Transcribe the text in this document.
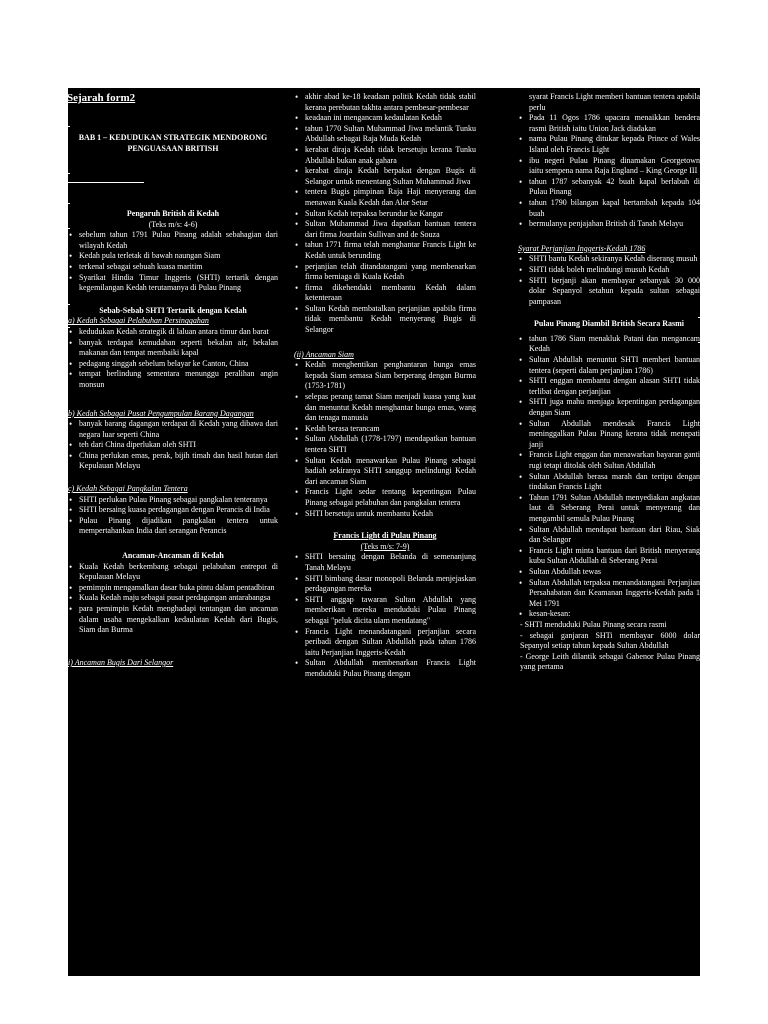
Sejarah form2
BAB 1 – KEDUDUKAN STRATEGIK MENDORONG PENGUASAAN BRITISH
Pengaruh British di Kedah
(Teks m/s: 4-6)
• sebelum tahun 1791 Pulau Pinang adalah sebahagian dari wilayah Kedah
• Kedah pula terletak di bawah naungan Siam
• terkenal sebagai sebuah kuasa maritim
• Syarikat Hindia Timur Inggeris (SHTI) tertarik dengan kegemilangan Kedah terutamanya di Pulau Pinang
Sebab-Sebab SHTI Tertarik dengan Kedah
a) Kedah Sebagai Pelabuhan Persinggahan
• kedudukan Kedah strategik di laluan antara timur dan barat
• banyak terdapat kemudahan seperti bekalan air, bekalan makanan dan tempat membaiki kapal
• pedagang singgah sebelum belayar ke Canton, China
• tempat berlindung sementara menunggu peralihan angin monsun
b) Kedah Sebagai Pusat Pengumpulan Barang Dagangan
• banyak barang dagangan terdapat di Kedah yang dibawa dari negara luar seperti China
• teh dari China diperlukan oleh SHTI
• China perlukan emas, perak, bijih timah dan hasil hutan dari Kepulauan Melayu
c) Kedah Sebagai Pangkalan Tentera
• SHTI perlukan Pulau Pinang sebagai pangkalan tenteranya
• SHTI bersaing kuasa perdagangan dengan Perancis di India
• Pulau Pinang dijadikan pangkalan tentera untuk mempertahankan India dari serangan Perancis
Ancaman-Ancaman di Kedah
• Kuala Kedah berkembang sebagai pelabuhan entrepot di Kepulauan Melayu
• pemimpin mengamalkan dasar buka pintu dalam pentadbiran
• Kuala Kedah maju sebagai pusat perdagangan antarabangsa
• para pemimpin Kedah menghadapi tentangan dan ancaman dalam usaha mengekalkan kedaulatan Kedah dari Bugis, Siam dan Burma
i) Ancaman Bugis Dari Selangor
• akhir abad ke-18 keadaan politik Kedah tidak stabil kerana perebutan takhta antara pembesar-pembesar
• keadaan ini mengancam kedaulatan Kedah
• tahun 1770 Sultan Muhammad Jiwa melantik Tunku Abdullah sebagai Raja Muda Kedah
• kerabat diraja Kedah tidak bersetuju kerana Tunku Abdullah bukan anak gahara
• kerabat diraja Kedah berpakat dengan Bugis di Selangor untuk menentang Sultan Muhammad Jiwa
• tentera Bugis pimpinan Raja Haji menyerang dan menawan Kuala Kedah dan Alor Setar
• Sultan Kedah terpaksa berundur ke Kangar
• Sultan Muhammad Jiwa dapatkan bantuan tentera dari firma Jourdain Sullivan and de Souza
• tahun 1771 firma telah menghantar Francis Light ke Kedah untuk berunding
• perjanjian telah ditandatangani yang membenarkan firma berniaga di Kuala Kedah
• firma dikehendaki membantu Kedah dalam ketenteraan
• Sultan Kedah membatalkan perjanjian apabila firma tidak membantu Kedah menyerang Bugis di Selangor
(ii) Ancaman Siam
• Kedah menghentikan penghantaran bunga emas kepada Siam semasa Siam berperang dengan Burma (1753-1781)
• selepas perang tamat Siam menjadi kuasa yang kuat dan menuntut Kedah menghantar bunga emas, wang dan tenaga manusia
• Kedah berasa terancam
• Sultan Abdullah (1778-1797) mendapatkan bantuan tentera SHTI
• Sultan Kedah menawarkan Pulau Pinang sebagai hadiah sekiranya SHTI sanggup melindungi Kedah dari ancaman Siam
• Francis Light sedar tentang kepentingan Pulau Pinang sebagai pelabuhan dan pangkalan tentera
• SHTI bersetuju untuk membantu Kedah
Francis Light di Pulau Pinang
(Teks m/s: 7-9)
• SHTI bersaing dengan Belanda di semenanjung Tanah Melayu
• SHTI bimbang dasar monopoli Belanda menjejaskan perdagangan mereka
• SHTI anggap tawaran Sultan Abdullah yang memberikan mereka menduduki Pulau Pinang sebagai "peluk dicita ulam mendatang"
• Francis Light menandatangani perjanjian secara peribadi dengan Sultan Abdullah pada tahun 1786 iaitu Perjanjian Inggeris-Kedah
• Sultan Abdullah membenarkan Francis Light menduduki Pulau Pinang dengan
syarat Francis Light memberi bantuan tentera apabila perlu
• Pada 11 Ogos 1786 upacara menaikkan bendera rasmi British iaitu Union Jack diadakan
• nama Pulau Pinang ditukar kepada Prince of Wales Island oleh Francis Light
• ibu negeri Pulau Pinang dinamakan Georgetown iaitu sempena nama Raja England – King George III
• tahun 1787 sebanyak 42 buah kapal berlabuh di Pulau Pinang
• tahun 1790 bilangan kapal bertambah kepada 104 buah
• bermulanya penjajahan British di Tanah Melayu
Syarat Perjanjian Inggeris-Kedah 1786
• SHTI bantu Kedah sekiranya Kedah diserang musuh
• SHTI tidak boleh melindungi musuh Kedah
• SHTI berjanji akan membayar sebanyak 30 000 dolar Sepanyol setahun kepada sultan sebagai pampasan
Pulau Pinang Diambil British Secara Rasmi
• tahun 1786 Siam menakluk Patani dan mengancam Kedah
• Sultan Abdullah menuntut SHTI memberi bantuan tentera (seperti dalam perjanjian 1786)
• SHTI enggan membantu dengan alasan SHTI tidak terlibat dengan perjanjian
• SHTI juga mahu menjaga kepentingan perdagangan dengan Siam
• Sultan Abdullah mendesak Francis Light meninggalkan Pulau Pinang kerana tidak menepati janji
• Francis Light enggan dan menawarkan bayaran ganti rugi tetapi ditolak oleh Sultan Abdullah
• Sultan Abdullah berasa marah dan tertipu dengan tindakan Francis Light
• Tahun 1791 Sultan Abdullah menyediakan angkatan laut di Seberang Perai untuk menyerang dan mengambil semula Pulau Pinang
• Sultan Abdullah mendapat bantuan dari Riau, Siak dan Selangor
• Francis Light minta bantuan dari British menyerang kubu Sultan Abdullah di Seberang Perai
• Sultan Abdullah tewas
• Sultan Abdullah terpaksa menandatangani Perjanjian Persahabatan dan Keamanan Inggeris-Kedah pada 1 Mei 1791
• kesan-kesan:
- SHTI menduduki Pulau Pinang secara rasmi
- sebagai ganjaran SHTi membayar 6000 dolar Sepanyol setiap tahun kepada Sultan Abdullah
- George Leith dilantik sebagai Gabenor Pulau Pinang yang pertama
